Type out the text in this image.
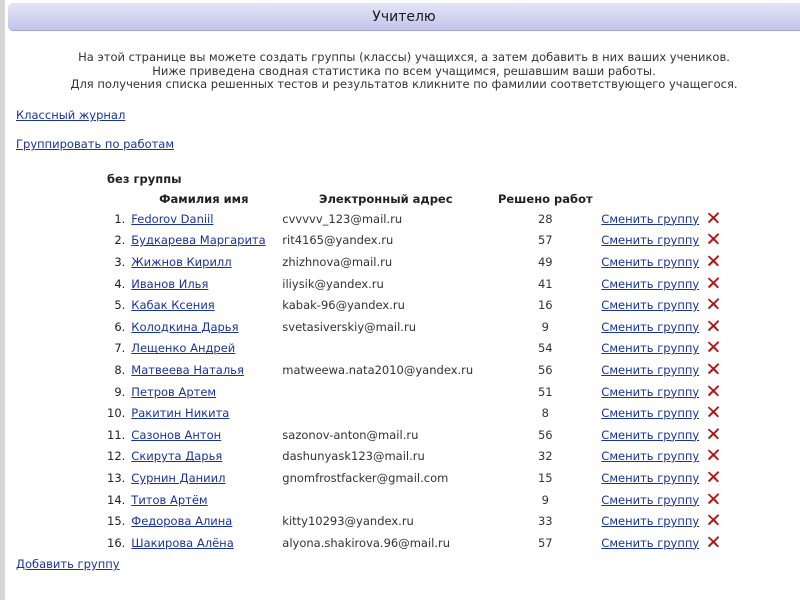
Учителю
На этой странице вы можете создать группы (классы) учащихся, а затем добавить в них ваших учеников.
Ниже приведена сводная статистика по всем учащимся, решавшим ваши работы.
Для получения списка решенных тестов и результатов кликните по фамилии соответствующего учащегося.
Классный журнал
Группировать по работам
без группы
	Фамилия имя	Электронный адрес	Решено работ		
1.	Fedorov Daniil	cvvvvv_123@mail.ru	28	Сменить группу	
2.	Будкарева Маргарита	rit4165@yandex.ru	57	Сменить группу	
3.	Жижнов Кирилл	zhizhnova@mail.ru	49	Сменить группу	
4.	Иванов Илья	iliysik@yandex.ru	41	Сменить группу	
5.	Кабак Ксения	kabak-96@yandex.ru	16	Сменить группу	
6.	Колодкина Дарья	svetasiverskiy@mail.ru	9	Сменить группу	
7.	Лещенко Андрей		54	Сменить группу	
8.	Матвеева Наталья	matweewa.nata2010@yandex.ru	56	Сменить группу	
9.	Петров Артем		51	Сменить группу	
10.	Ракитин Никита		8	Сменить группу	
11.	Сазонов Антон	sazonov-anton@mail.ru	56	Сменить группу	
12.	Скирута Дарья	dashunyask123@mail.ru	32	Сменить группу	
13.	Сурнин Даниил	gnomfrostfacker@gmail.com	15	Сменить группу	
14.	Титов Артём		9	Сменить группу	
15.	Федорова Алина	kitty10293@yandex.ru	33	Сменить группу	
16.	Шакирова Алёна	alyona.shakirova.96@mail.ru	57	Сменить группу	
Добавить группу
